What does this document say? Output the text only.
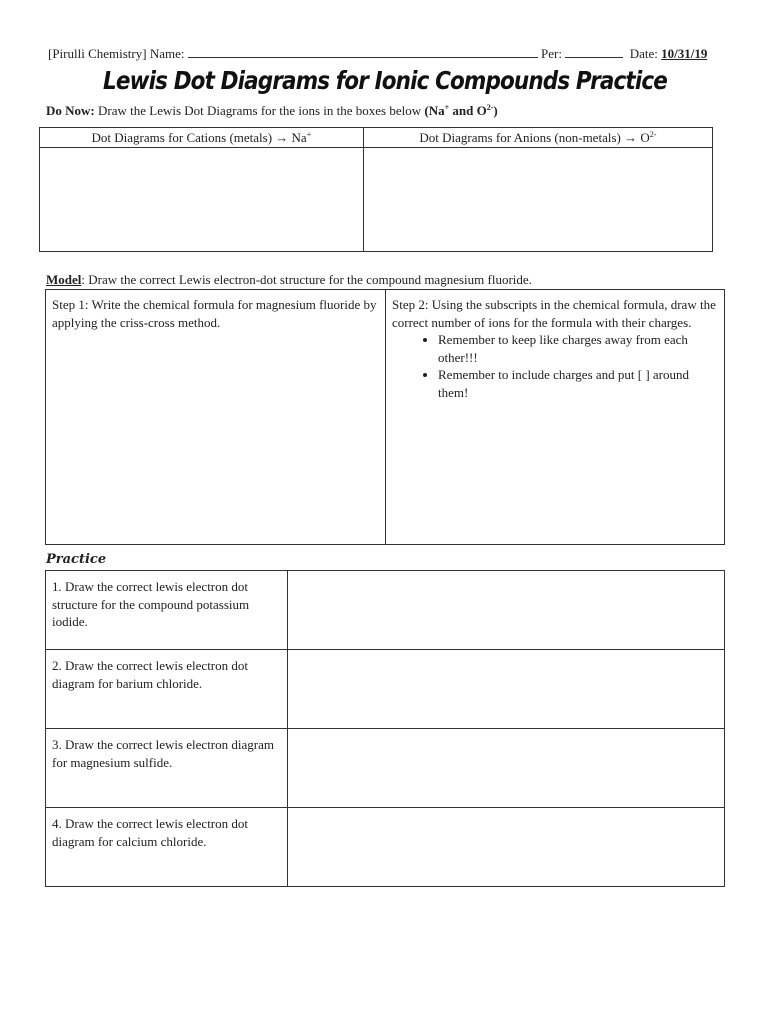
[Pirulli Chemistry] Name:	Per:	Date: 10/31/19
Lewis Dot Diagrams for Ionic Compounds Practice
Do Now: Draw the Lewis Dot Diagrams for the ions in the boxes below (Na+ and $O^{2-}$)
Dot Diagrams for Cations (metals) → Na+	Dot Diagrams for Anions (non-metals) → $O^{2-}$

Model: Draw the correct Lewis electron-dot structure for the compound magnesium fluoride.
Step 1: Write the chemical formula for magnesium fluoride by applying the criss-cross method.	Step 2: Using the subscripts in the chemical formula, draw the correct number of ions for the formula with their charges.
• Remember to keep like charges away from each other!!!
• Remember to include charges and put [ ] around them!
Practice
1. Draw the correct lewis electron dot structure for the compound potassium iodide.	
2. Draw the correct lewis electron dot diagram for barium chloride.	
3. Draw the correct lewis electron diagram for magnesium sulfide.	
4. Draw the correct lewis electron dot diagram for calcium chloride.	
